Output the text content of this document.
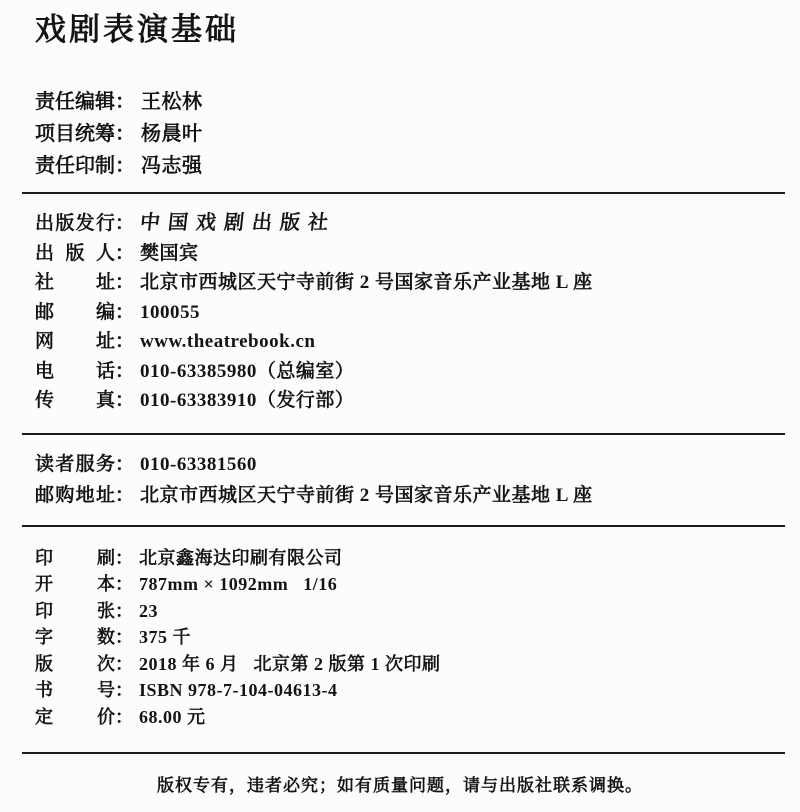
戏剧表演基础
责任编辑 ： 王松林
项目统筹 ： 杨晨叶
责任印制 ： 冯志强
出版发行 ： 中国戏剧出版社
出版人 ： 樊国宾
社址 ： 北京市西城区天宁寺前街 2 号国家音乐产业基地 L 座
邮编 ： 100055
网址 ： www.theatrebook.cn
电话 ： 010-63385980（总编室）
传真 ： 010-63383910（发行部）
读者服务 ： 010-63381560
邮购地址 ： 北京市西城区天宁寺前街 2 号国家音乐产业基地 L 座
印刷 ： 北京鑫海达印刷有限公司
开本 ： 787mm × 1092mm   1/16
印张 ： 23
字数 ： 375 千
版次 ： 2018 年 6 月   北京第 2 版第 1 次印刷
书号 ： ISBN 978-7-104-04613-4
定价 ： 68.00 元
版权专有，违者必究；如有质量问题，请与出版社联系调换。
